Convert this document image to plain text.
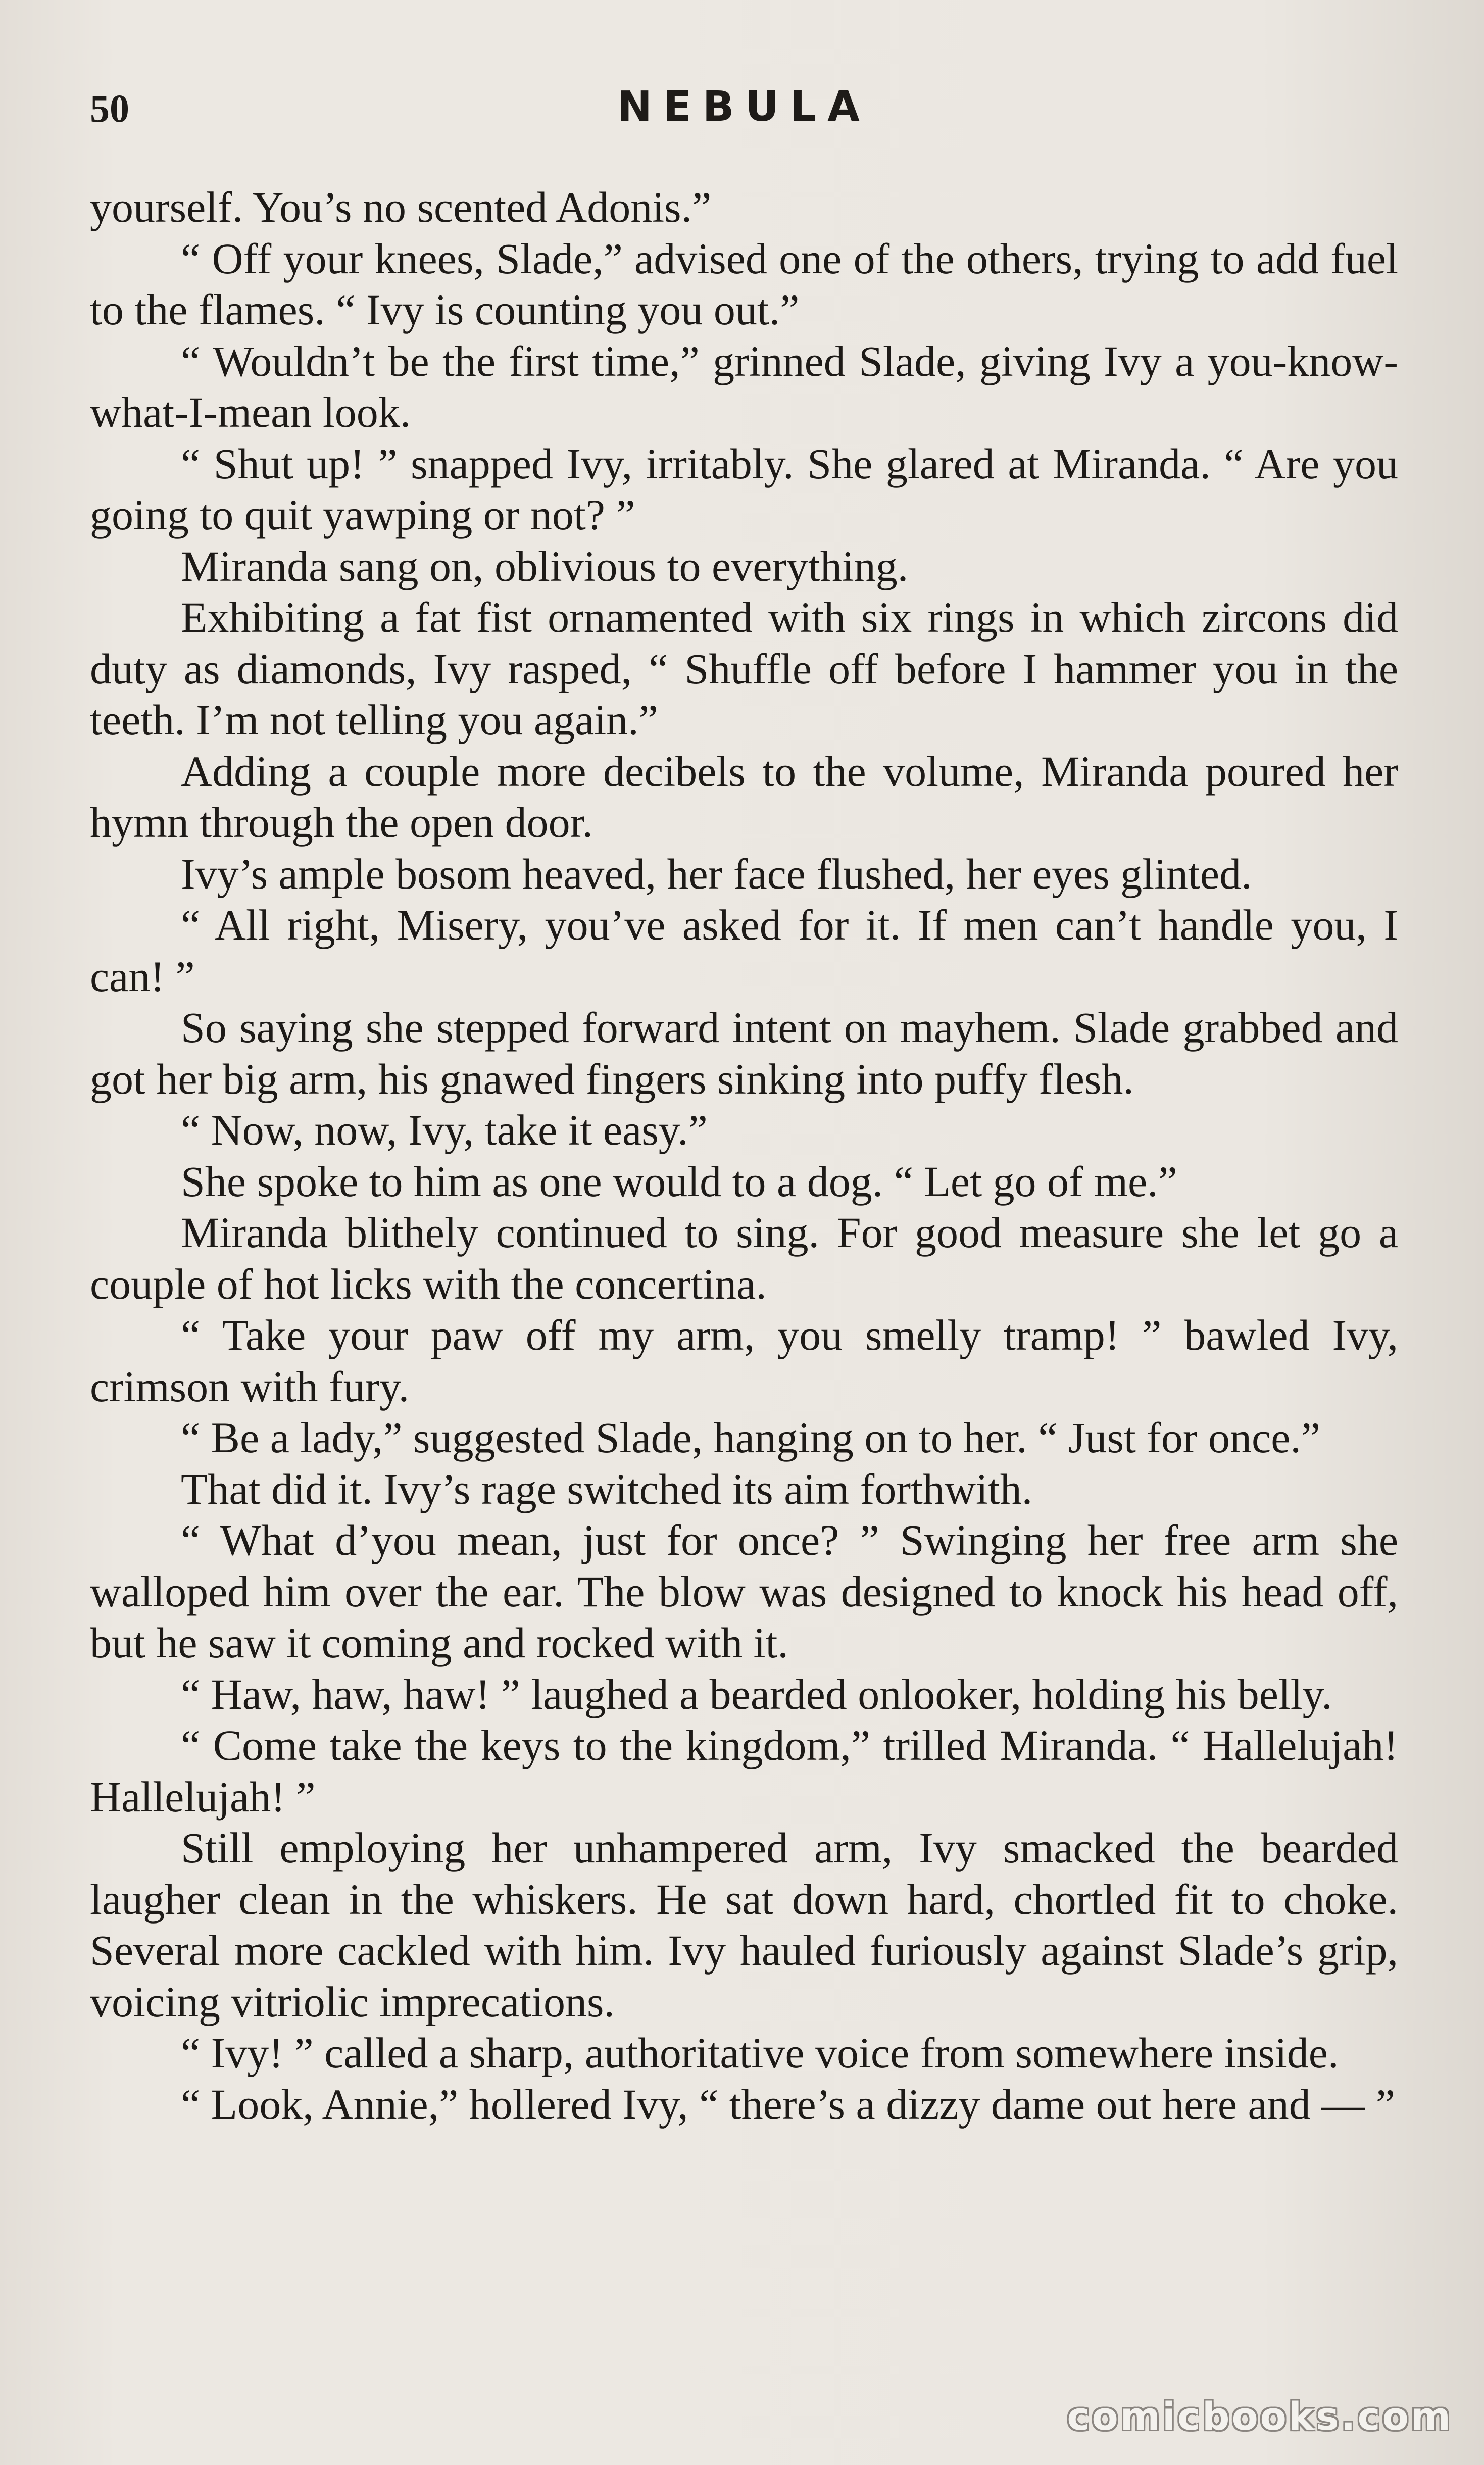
50	NEBULA

yourself. You’s no scented Adonis.”

“ Off your knees, Slade,” advised one of the others, trying to add fuel to the flames. “ Ivy is counting you out.”

“ Wouldn’t be the first time,” grinned Slade, giving Ivy a you-know-what-I-mean look.

“ Shut up! ” snapped Ivy, irritably. She glared at Miranda. “ Are you going to quit yawping or not? ”

Miranda sang on, oblivious to everything.

Exhibiting a fat fist ornamented with six rings in which zircons did duty as diamonds, Ivy rasped, “ Shuffle off before I hammer you in the teeth. I’m not telling you again.”

Adding a couple more decibels to the volume, Miranda poured her hymn through the open door.

Ivy’s ample bosom heaved, her face flushed, her eyes glinted.

“ All right, Misery, you’ve asked for it. If men can’t handle you, I can! ”

So saying she stepped forward intent on mayhem. Slade grabbed and got her big arm, his gnawed fingers sinking into puffy flesh.

“ Now, now, Ivy, take it easy.”

She spoke to him as one would to a dog. “ Let go of me.”

Miranda blithely continued to sing. For good measure she let go a couple of hot licks with the concertina.

“ Take your paw off my arm, you smelly tramp! ” bawled Ivy, crimson with fury.

“ Be a lady,” suggested Slade, hanging on to her. “ Just for once.”

That did it. Ivy’s rage switched its aim forthwith.

“ What d’you mean, just for once? ” Swinging her free arm she walloped him over the ear. The blow was designed to knock his head off, but he saw it coming and rocked with it.

“ Haw, haw, haw! ” laughed a bearded onlooker, holding his belly.

“ Come take the keys to the kingdom,” trilled Miranda. “ Hallelujah! Hallelujah! ”

Still employing her unhampered arm, Ivy smacked the bearded laugher clean in the whiskers. He sat down hard, chortled fit to choke. Several more cackled with him. Ivy hauled furiously against Slade’s grip, voicing vitriolic imprecations.

“ Ivy! ” called a sharp, authoritative voice from somewhere inside.

“ Look, Annie,” hollered Ivy, “ there’s a dizzy dame out here and — ”

comicbooks.com
